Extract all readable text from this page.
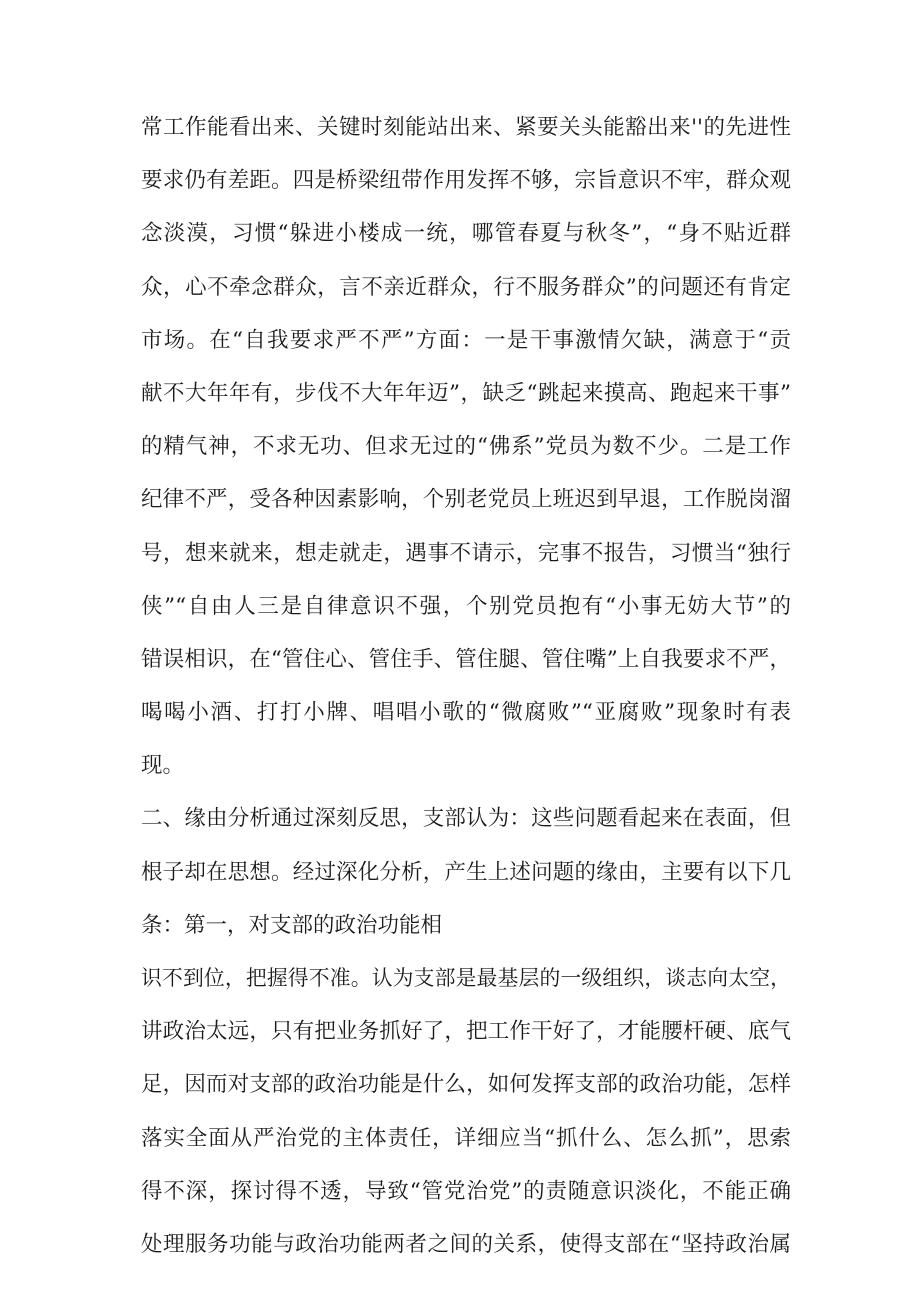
常工作能看出来、关键时刻能站出来、紧要关头能豁出来''的先进性
要求仍有差距。四是桥梁纽带作用发挥不够，宗旨意识不牢，群众观
念淡漠，习惯“躲进小楼成一统，哪管春夏与秋冬”，“身不贴近群
众，心不牵念群众，言不亲近群众，行不服务群众”的问题还有肯定
市场。在“自我要求严不严”方面：一是干事激情欠缺，满意于“贡
献不大年年有，步伐不大年年迈”，缺乏“跳起来摸高、跑起来干事”
的精气神，不求无功、但求无过的“佛系”党员为数不少。二是工作
纪律不严，受各种因素影响，个别老党员上班迟到早退，工作脱岗溜
号，想来就来，想走就走，遇事不请示，完事不报告，习惯当“独行
侠”“自由人三是自律意识不强，个别党员抱有“小事无妨大节”的
错误相识，在“管住心、管住手、管住腿、管住嘴”上自我要求不严，
喝喝小酒、打打小牌、唱唱小歌的“微腐败”“亚腐败”现象时有表
现。
二、缘由分析通过深刻反思，支部认为：这些问题看起来在表面，但
根子却在思想。经过深化分析，产生上述问题的缘由，主要有以下几
条：第一，对支部的政治功能相
识不到位，把握得不准。认为支部是最基层的一级组织，谈志向太空，
讲政治太远，只有把业务抓好了，把工作干好了，才能腰杆硬、底气
足，因而对支部的政治功能是什么，如何发挥支部的政治功能，怎样
落实全面从严治党的主体责任，详细应当“抓什么、怎么抓”，思索
得不深，探讨得不透，导致“管党治党”的责随意识淡化，不能正确
处理服务功能与政治功能两者之间的关系，使得支部在“坚持政治属
